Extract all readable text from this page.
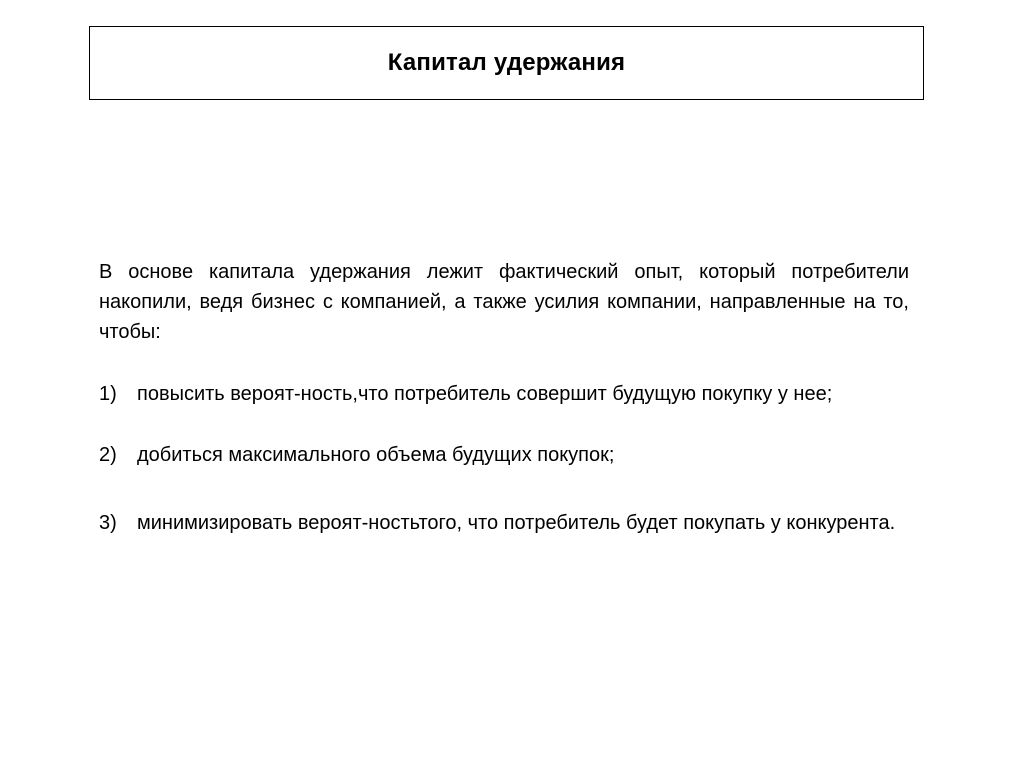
Капитал удержания

В основе капитала удержания лежит фактический опыт, который потребители накопили, ведя бизнес с компанией, а также усилия компании, направленные на то, чтобы:

1) повысить вероят-ность,что потребитель совершит будущую покупку у нее;
2) добиться максимального объема будущих покупок;
3) минимизировать вероят-ностьтого, что потребитель будет покупать у конкурента.
